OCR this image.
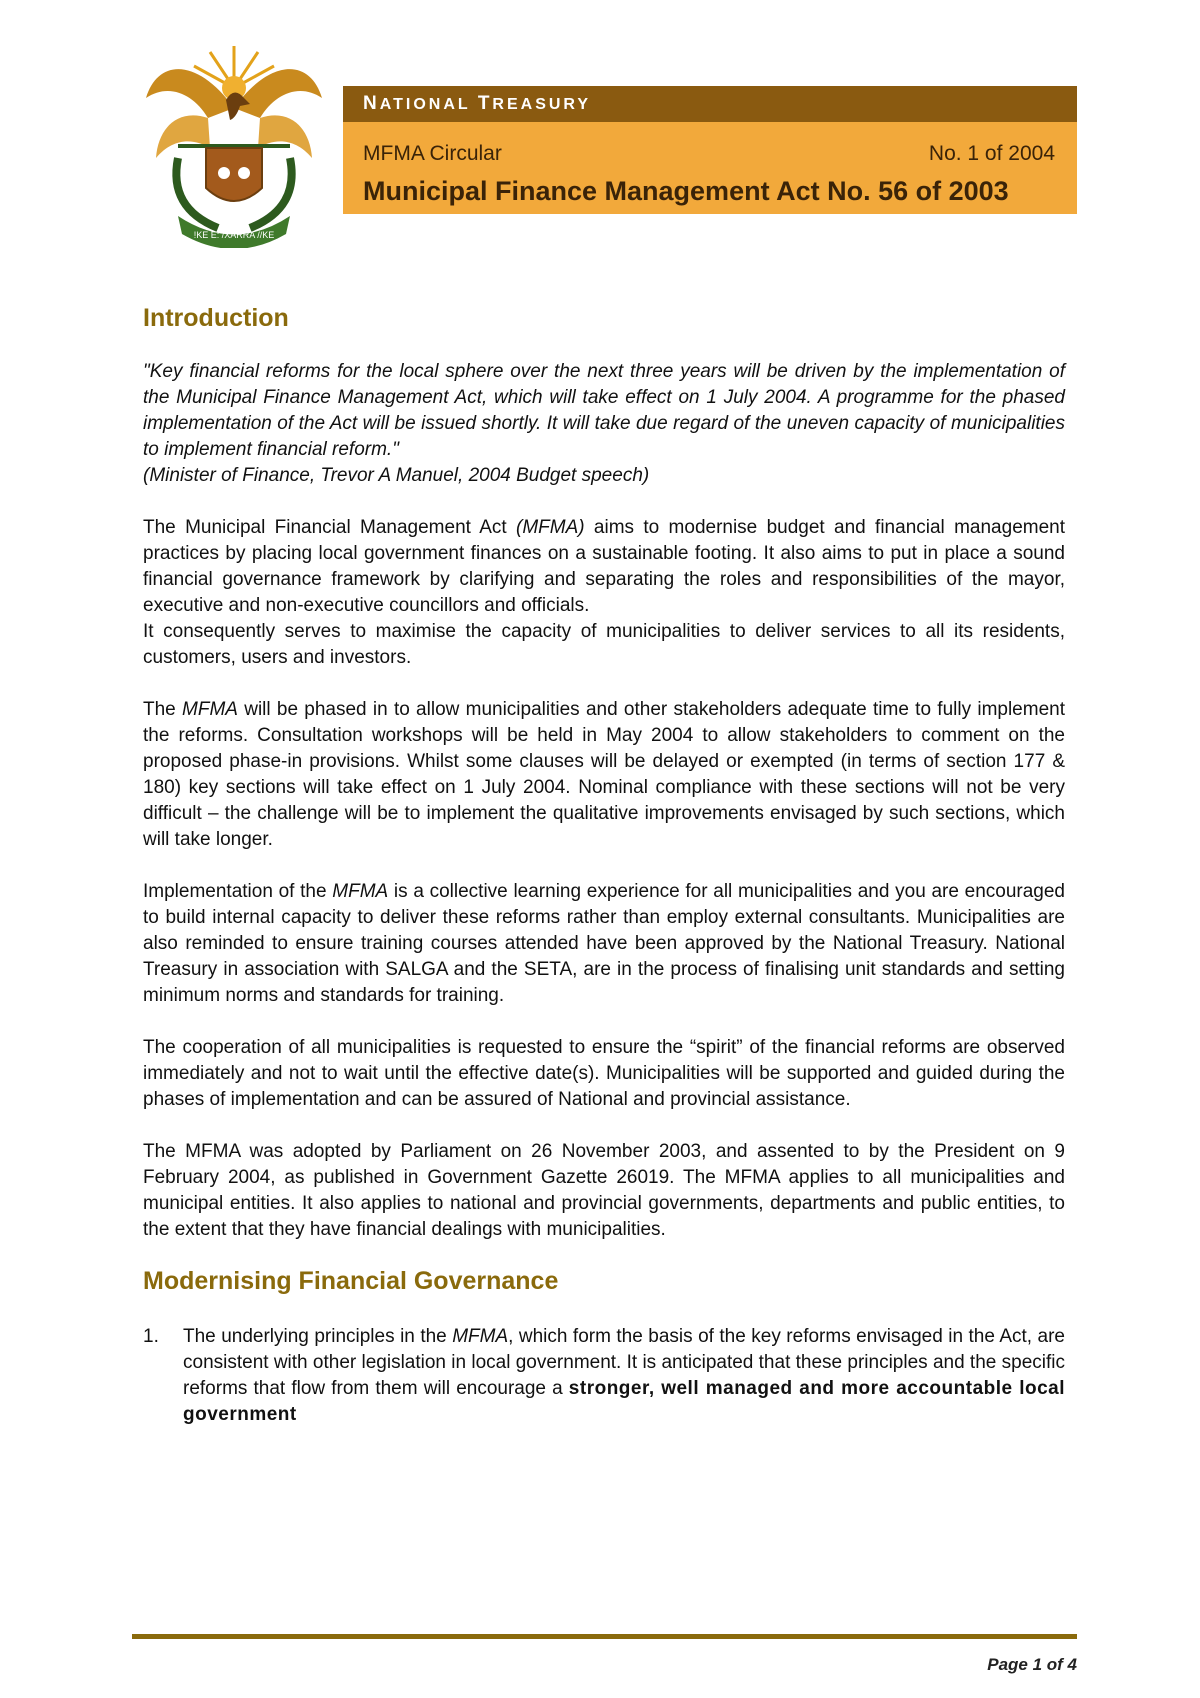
!KE E: /XARRA //KE
NATIONAL TREASURY
MFMA Circular	No. 1 of 2004
Municipal Finance Management Act No. 56 of 2003
Introduction

"Key financial reforms for the local sphere over the next three years will be driven by the implementation of the Municipal Finance Management Act, which will take effect on 1 July 2004. A programme for the phased implementation of the Act will be issued shortly. It will take due regard of the uneven capacity of municipalities to implement financial reform."
(Minister of Finance, Trevor A Manuel, 2004 Budget speech)

The Municipal Financial Management Act (MFMA) aims to modernise budget and financial management practices by placing local government finances on a sustainable footing. It also aims to put in place a sound financial governance framework by clarifying and separating the roles and responsibilities of the mayor, executive and non-executive councillors and officials.
It consequently serves to maximise the capacity of municipalities to deliver services to all its residents, customers, users and investors.

The MFMA will be phased in to allow municipalities and other stakeholders adequate time to fully implement the reforms. Consultation workshops will be held in May 2004 to allow stakeholders to comment on the proposed phase-in provisions. Whilst some clauses will be delayed or exempted (in terms of section 177 & 180) key sections will take effect on 1 July 2004. Nominal compliance with these sections will not be very difficult – the challenge will be to implement the qualitative improvements envisaged by such sections, which will take longer.

Implementation of the MFMA is a collective learning experience for all municipalities and you are encouraged to build internal capacity to deliver these reforms rather than employ external consultants. Municipalities are also reminded to ensure training courses attended have been approved by the National Treasury. National Treasury in association with SALGA and the SETA, are in the process of finalising unit standards and setting minimum norms and standards for training.

The cooperation of all municipalities is requested to ensure the “spirit” of the financial reforms are observed immediately and not to wait until the effective date(s). Municipalities will be supported and guided during the phases of implementation and can be assured of National and provincial assistance.

The MFMA was adopted by Parliament on 26 November 2003, and assented to by the President on 9 February 2004, as published in Government Gazette 26019. The MFMA applies to all municipalities and municipal entities. It also applies to national and provincial governments, departments and public entities, to the extent that they have financial dealings with municipalities.

Modernising Financial Governance
1. The underlying principles in the MFMA, which form the basis of the key reforms envisaged in the Act, are consistent with other legislation in local government. It is anticipated that these principles and the specific reforms that flow from them will encourage a stronger, well managed and more accountable local government
Page 1 of 4
